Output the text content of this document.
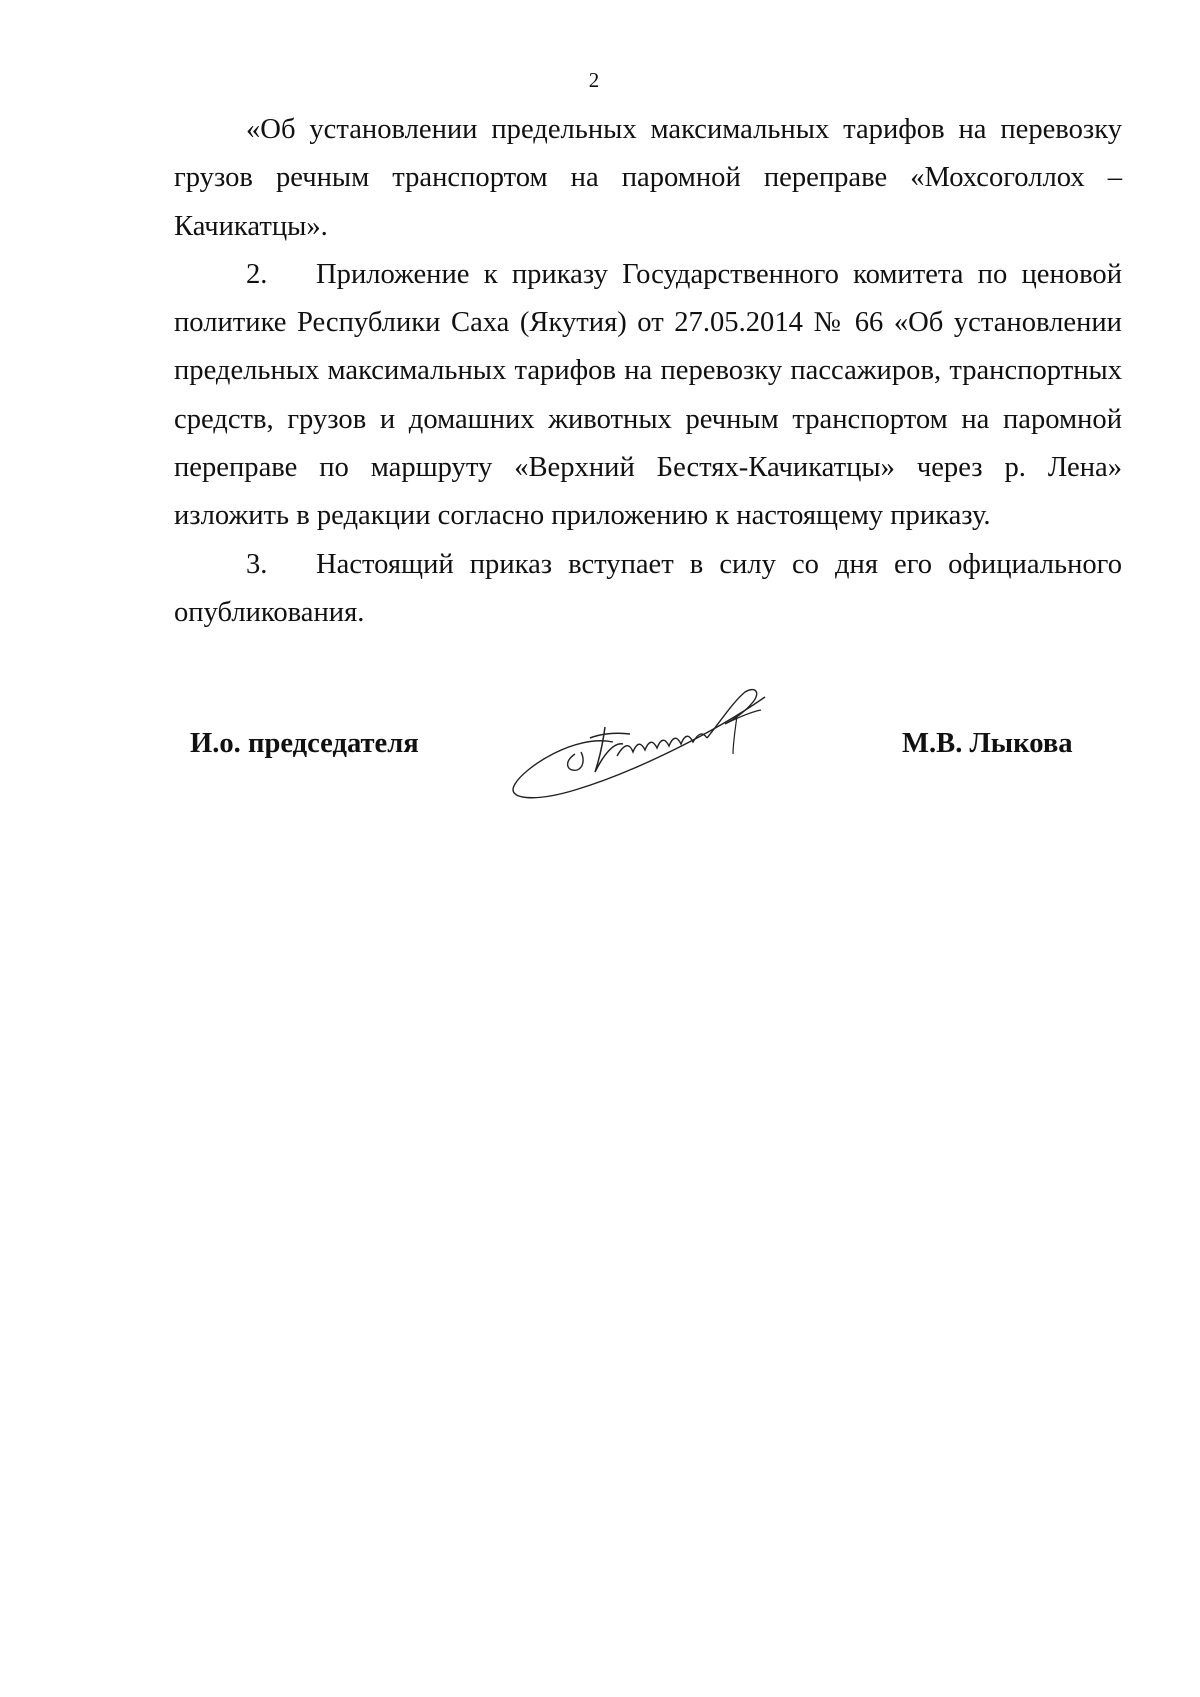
2

«Об установлении предельных максимальных тарифов на перевозку грузов речным транспортом на паромной переправе «Мохсоголлох – Качикатцы».

2. Приложение к приказу Государственного комитета по ценовой политике Республики Саха (Якутия) от 27.05.2014 № 66 «Об установлении предельных максимальных тарифов на перевозку пассажиров, транспортных средств, грузов и домашних животных речным транспортом на паромной переправе по маршруту «Верхний Бестях-Качикатцы» через р. Лена» изложить в редакции согласно приложению к настоящему приказу.

3. Настоящий приказ вступает в силу со дня его официального опубликования.

И.о. председателя	М.В. Лыкова
